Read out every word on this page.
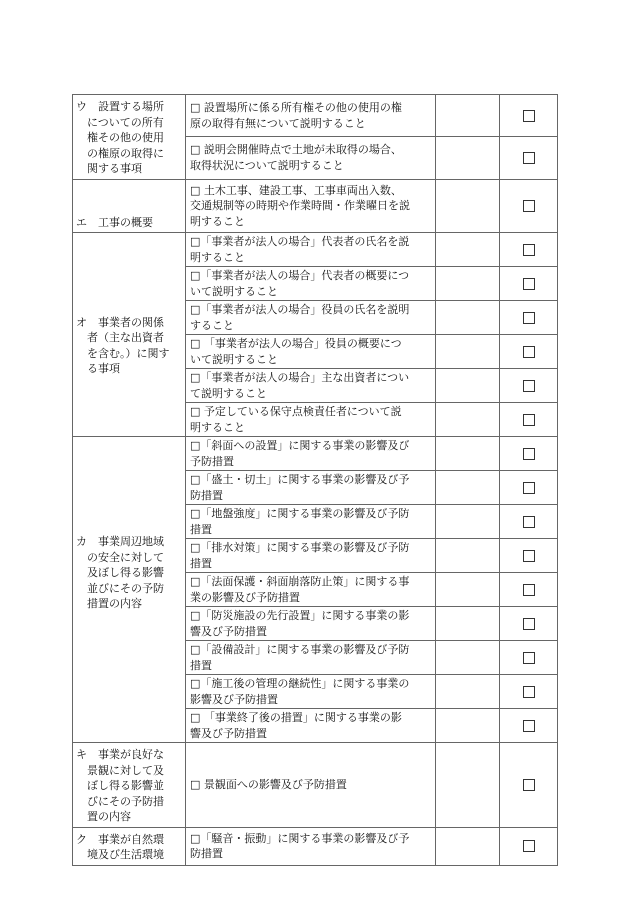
ウ　設置する場所
　についての所有
　権その他の使用
　の権原の取得に
　関する事項	□ 設置場所に係る所有権その他の使用の権
原の取得有無について説明すること		
	□ 説明会開催時点で土地が未取得の場合、
取得状況について説明すること		

エ　工事の概要	□ 土木工事、建設工事、工事車両出入数、
交通規制等の時期や作業時間・作業曜日を説
明すること		

オ　事業者の関係
　者（主な出資者
　を含む。）に関す
　る事項	□「事業者が法人の場合」代表者の氏名を説
明すること		
	□「事業者が法人の場合」代表者の概要につ
いて説明すること		
	□「事業者が法人の場合」役員の氏名を説明
すること		
	□ 「事業者が法人の場合」役員の概要につ
いて説明すること		
	□「事業者が法人の場合」主な出資者につい
て説明すること		
	□ 予定している保守点検責任者について説
明すること		

カ　事業周辺地域
　の安全に対して
　及ぼし得る影響
　並びにその予防
　措置の内容	□「斜面への設置」に関する事業の影響及び
予防措置		
	□「盛土・切土」に関する事業の影響及び予
防措置		
	□「地盤強度」に関する事業の影響及び予防
措置		
	□「排水対策」に関する事業の影響及び予防
措置		
	□「法面保護・斜面崩落防止策」に関する事
業の影響及び予防措置		
	□「防災施設の先行設置」に関する事業の影
響及び予防措置		
	□「設備設計」に関する事業の影響及び予防
措置		
	□「施工後の管理の継続性」に関する事業の
影響及び予防措置		
	□ 「事業終了後の措置」に関する事業の影
響及び予防措置		
キ　事業が良好な
　景観に対して及
　ぼし得る影響並
　びにその予防措
　置の内容	□ 景観面への影響及び予防措置		
ク　事業が自然環
　境及び生活環境	□「騒音・振動」に関する事業の影響及び予
防措置		
